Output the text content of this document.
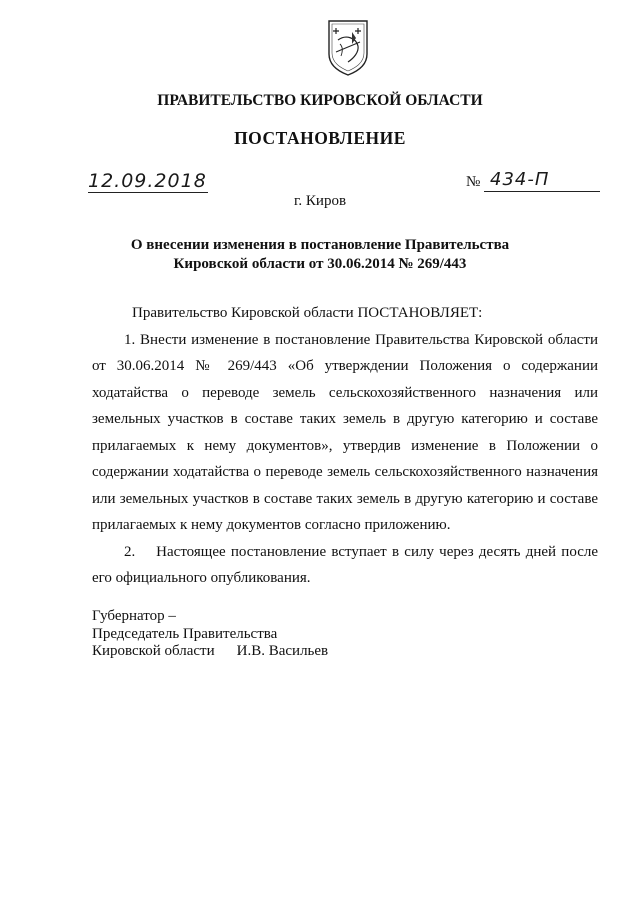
ПРАВИТЕЛЬСТВО КИРОВСКОЙ ОБЛАСТИ
ПОСТАНОВЛЕНИЕ
12.09.2018	№ 434-П
г. Киров
О внесении изменения в постановление Правительства
Кировской области от 30.06.2014 № 269/443

Правительство Кировской области ПОСТАНОВЛЯЕТ:

1. Внести изменение в постановление Правительства Кировской области от 30.06.2014 № 269/443 «Об утверждении Положения о содержании ходатайства о переводе земель сельскохозяйственного назначения или земельных участков в составе таких земель в другую категорию и составе прилагаемых к нему документов», утвердив изменение в Положении о содержании ходатайства о переводе земель сельскохозяйственного назначения или земельных участков в составе таких земель в другую категорию и составе прилагаемых к нему документов согласно приложению.

2.    Настоящее постановление вступает в силу через десять дней после его официального опубликования.

Губернатор –
Председатель Правительства
Кировской области И.В. Васильев
